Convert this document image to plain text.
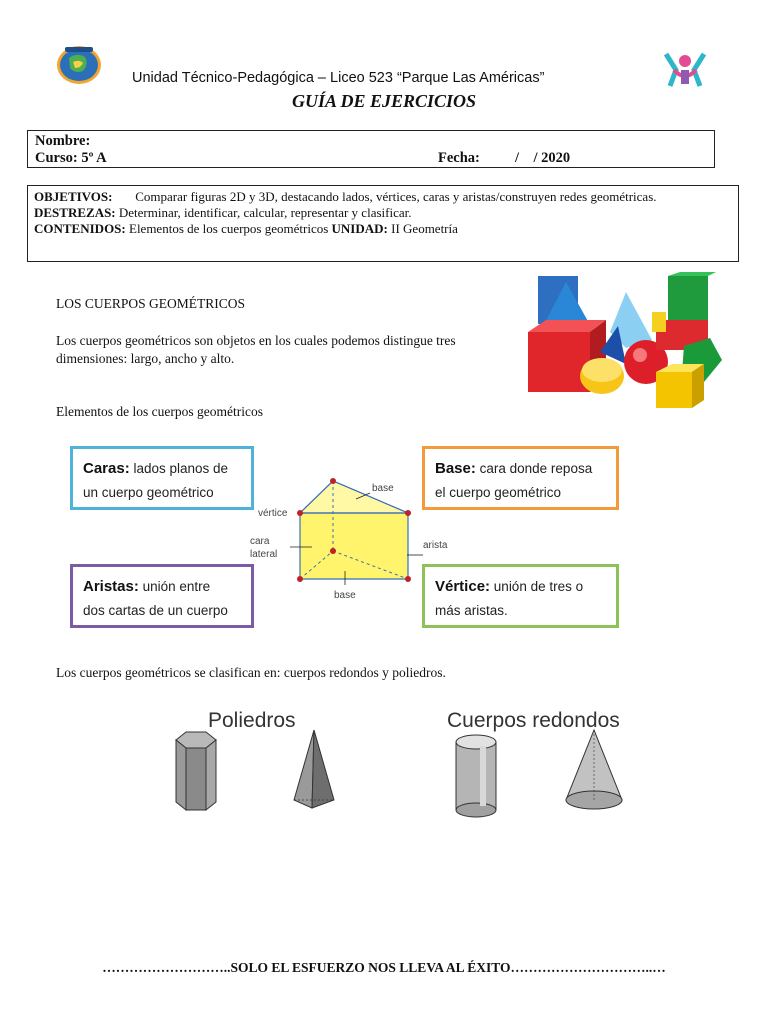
Unidad Técnico-Pedagógica – Liceo 523 “Parque Las Américas”
GUÍA DE EJERCICIOS
Nombre:
Curso: 5º A	Fecha: /    / 2020
OBJETIVOS: Comparar figuras 2D y 3D, destacando lados, vértices, caras y aristas/construyen redes geométricas.
DESTREZAS: Determinar, identificar, calcular, representar y clasificar.
CONTENIDOS: Elementos de los cuerpos geométricos UNIDAD: II Geometría
LOS CUERPOS GEOMÉTRICOS
Los cuerpos geométricos son objetos en los cuales podemos distingue tres
dimensiones: largo, ancho y alto.
Elementos de los cuerpos geométricos
Caras: lados planos de
un cuerpo geométrico
Base: cara donde reposa
el cuerpo geométrico
Aristas: unión entre
dos cartas de un cuerpo
Vértice: unión de tres o
más aristas.
base
vértice
cara
lateral
arista
base
Los cuerpos geométricos se clasifican en: cuerpos redondos y poliedros.
Poliedros	Cuerpos redondos
………………………..SOLO EL ESFUERZO NOS LLEVA AL ÉXITO…………………………..…
